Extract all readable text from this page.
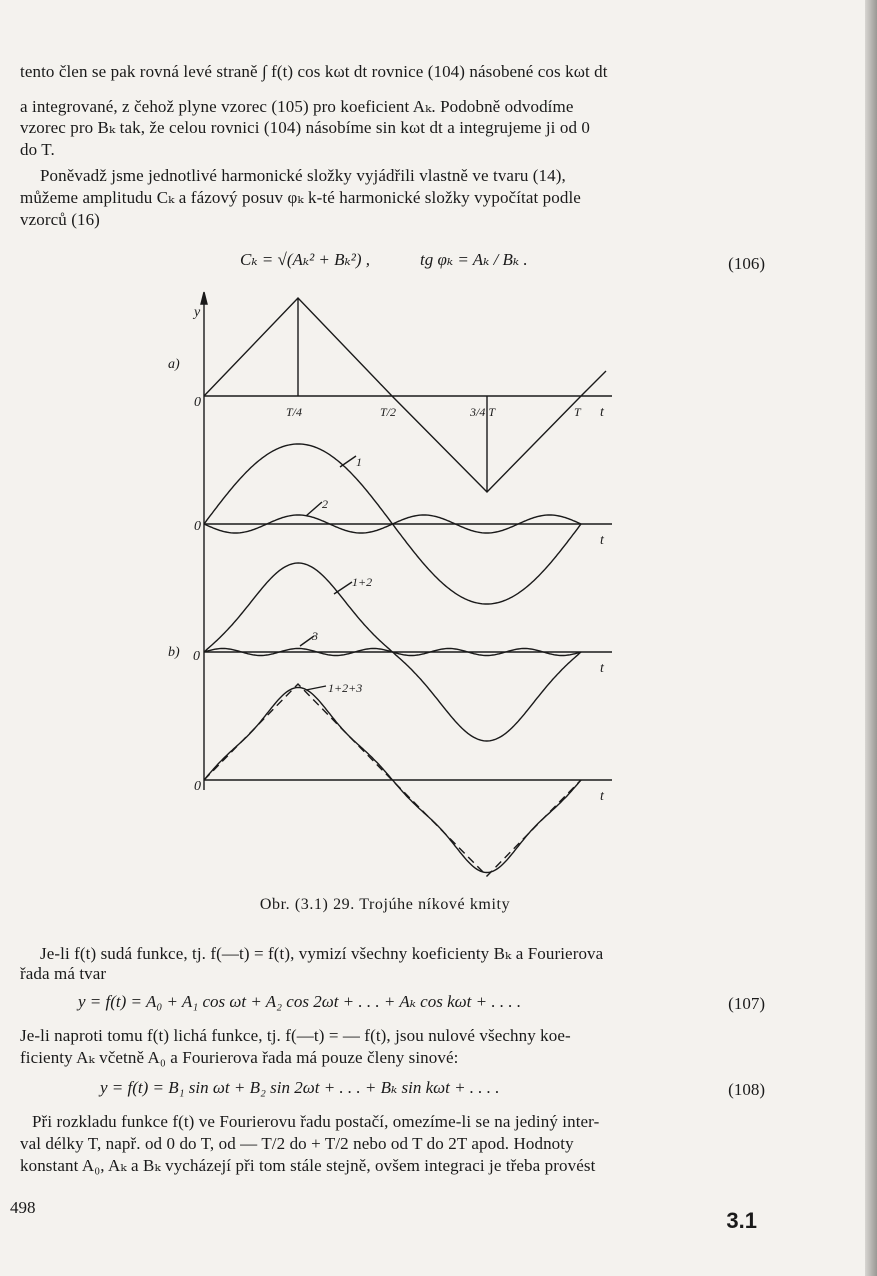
tento člen se pak rovná levé straně ∫ f(t) cos kωt dt rovnice (104) násobené cos kωt dt
a integrované, z čehož plyne vzorec (105) pro koeficient Aₖ. Podobně odvodíme
vzorec pro Bₖ tak, že celou rovnici (104) násobíme sin kωt dt a integrujeme ji od 0
do T.
Poněvadž jsme jednotlivé harmonické složky vyjádřili vlastně ve tvaru (14),
můžeme amplitudu Cₖ a fázový posuv φₖ k-té harmonické složky vypočítat podle
vzorců (16)
Cₖ = √(Aₖ² + Bₖ²) ,	tg φₖ = Aₖ / Bₖ .	(106)
y
a)
b)
0
0
0
0
t
t
t
t
T/4	T/2	3/4 T	T
1
2
1+2
3
1+2+3
Obr. (3.1) 29. Trojúhe níkové kmity
Je-li f(t) sudá funkce, tj. f(—t) = f(t), vymizí všechny koeficienty Bₖ a Fourierova
řada má tvar
y = f(t) = A₀ + A₁ cos ωt + A₂ cos 2ωt + . . . + Aₖ cos kωt + . . . .	(107)
Je-li naproti tomu f(t) lichá funkce, tj. f(—t) = — f(t), jsou nulové všechny koe-
ficienty Aₖ včetně A₀ a Fourierova řada má pouze členy sinové:
y = f(t) = B₁ sin ωt + B₂ sin 2ωt + . . . + Bₖ sin kωt + . . . .	(108)
Při rozkladu funkce f(t) ve Fourierovu řadu postačí, omezíme-li se na jediný inter-
val délky T, např. od 0 do T, od — T/2 do + T/2 nebo od T do 2T apod. Hodnoty
konstant A₀, Aₖ a Bₖ vycházejí při tom stále stejně, ovšem integraci je třeba provést
498
3.1
